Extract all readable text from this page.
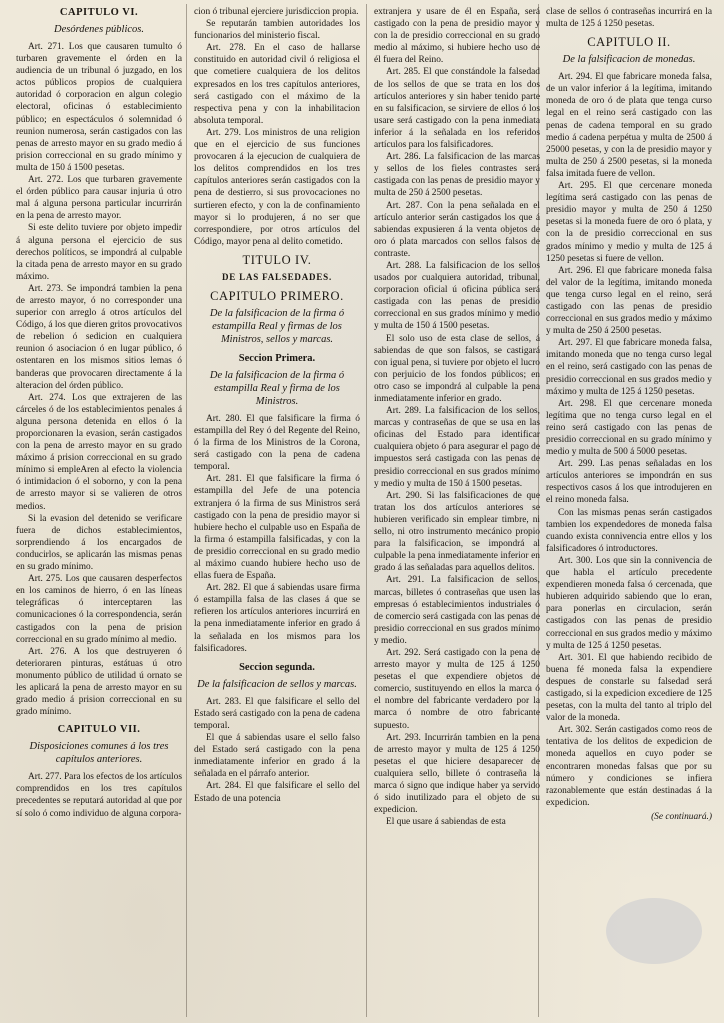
CAPITULO VI.
Desórdenes públicos.

Art. 271. Los que causaren tumulto ó turbaren gravemente el órden en la audiencia de un tribunal ó juzgado, en los actos públicos propios de cualquiera autoridad ó corporacion en algun colegio electoral, oficinas ó establecimiento público; en espectáculos ó solemnidad ó reunion numerosa, serán castigados con las penas de arresto mayor en su grado medio á prision correccional en su grado mínimo y multa de 150 á 1500 pesetas.

Art. 272. Los que turbaren gravemente el órden público para causar injuria ú otro mal á alguna persona particular incurrirán en la pena de arresto mayor.

Si este delito tuviere por objeto impedir á alguna persona el ejercicio de sus derechos políticos, se impondrá al culpable la citada pena de arresto mayor en su grado máximo.

Art. 273. Se impondrá tambien la pena de arresto mayor, ó no corresponder una superior con arreglo á otros artículos del Código, á los que dieren gritos provocativos de rebelion ó sedicion en cualquiera reunion ó asociacion ó en lugar público, ó ostentaren en los mismos sitios lemas ó banderas que provocaren directamente á la alteracion del órden público.

Art. 274. Los que extrajeren de las cárceles ó de los establecimientos penales á alguna persona detenida en ellos ó la proporcionaren la evasion, serán castigados con la pena de arresto mayor en su grado máximo á prision correccional en su grado mínimo si empleAren al efecto la violencia ó intimidacion ó el soborno, y con la pena de arresto mayor si se valieren de otros medios.

Si la evasion del detenido se verificare fuera de dichos establecimientos, sorprendiendo á los encargados de conducirlos, se aplicarán las mismas penas en su grado mínimo.

Art. 275. Los que causaren desperfectos en los caminos de hierro, ó en las líneas telegráficas ó interceptaren las comunicaciones ó la correspondencia, serán castigados con la pena de prision correccional en su grado mínimo al medio.

Art. 276. A los que destruyeren ó deterioraren pinturas, estátuas ú otro monumento público de utilidad ú ornato se les aplicará la pena de arresto mayor en su grado medio á prision correccional en su grado mínimo.

CAPITULO VII.
Disposiciones comunes á los tres capítulos anteriores.

Art. 277. Para los efectos de los artículos comprendidos en los tres capítulos precedentes se reputará autoridad al que por sí solo ó como individuo de alguna corpora-

cion ó tribunal ejerciere jurisdiccion propia.

Se reputarán tambien autoridades los funcionarios del ministerio fiscal.

Art. 278. En el caso de hallarse constituido en autoridad civil ó religiosa el que cometiere cualquiera de los delitos expresados en los tres capítulos anteriores, será castigado con el máximo de la respectiva pena y con la inhabilitacion absoluta temporal.

Art. 279. Los ministros de una religion que en el ejercicio de sus funciones provocaren á la ejecucion de cualquiera de los delitos comprendidos en los tres capítulos anteriores serán castigados con la pena de destierro, si sus provocaciones no surtieren efecto, y con la de confinamiento mayor si lo produjeren, á no ser que correspondiere, por otros artículos del Código, mayor pena al delito cometido.

TITULO IV.
DE LAS FALSEDADES.
CAPITULO PRIMERO.
De la falsificacion de la firma ó estampilla Real y firmas de los Ministros, sellos y marcas.
Seccion Primera.
De la falsificacion de la firma ó estampilla Real y firma de los Ministros.

Art. 280. El que falsificare la firma ó estampilla del Rey ó del Regente del Reino, ó la firma de los Ministros de la Corona, será castigado con la pena de cadena temporal.

Art. 281. El que falsificare la firma ó estampilla del Jefe de una potencia extranjera ó la firma de sus Ministros será castigado con la pena de presidio mayor si hubiere hecho el culpable uso en España de la firma ó estampilla falsificadas, y con la de presidio correccional en su grado medio al máximo cuando hubiere hecho uso de ellas fuera de España.

Art. 282. El que á sabiendas usare firma ó estampilla falsa de las clases á que se refieren los artículos anteriores incurrirá en la pena inmediatamente inferior en grado á la señalada en los mismos para los falsificadores.

Seccion segunda.
De la falsificacion de sellos y marcas.

Art. 283. El que falsificare el sello del Estado será castigado con la pena de cadena temporal.

El que á sabiendas usare el sello falso del Estado será castigado con la pena inmediatamente inferior en grado á la señalada en el párrafo anterior.

Art. 284. El que falsificare el sello del Estado de una potencia

extranjera y usare de él en España, será castigado con la pena de presidio mayor y con la de presidio correccional en su grado medio al máximo, si hubiere hecho uso de él fuera del Reino.

Art. 285. El que constándole la falsedad de los sellos de que se trata en los dos artículos anteriores y sin haber tenido parte en su falsificacion, se sirviere de ellos ó los usare será castigado con la pena inmediata inferior á la señalada en los referidos artículos para los falsificadores.

Art. 286. La falsificacion de las marcas y sellos de los fieles contrastes será castigada con las penas de presidio mayor y multa de 250 á 2500 pesetas.

Art. 287. Con la pena señalada en el artículo anterior serán castigados los que á sabiendas expusieren á la venta objetos de oro ó plata marcados con sellos falsos de contraste.

Art. 288. La falsificacion de los sellos usados por cualquiera autoridad, tribunal, corporacion oficial ú oficina pública será castigada con las penas de presidio correccional en sus grados mínimo y medio y multa de 150 á 1500 pesetas.

El solo uso de esta clase de sellos, á sabiendas de que son falsos, se castigará con igual pena, si tuviere por objeto el lucro con perjuicio de los fondos públicos; en otro caso se impondrá al culpable la pena inmediatamente inferior en grado.

Art. 289. La falsificacion de los sellos, marcas y contraseñas de que se usa en las oficinas del Estado para identificar cualquiera objeto ó para asegurar el pago de impuestos será castigada con las penas de presidio correccional en sus grados mínimo y medio y multa de 150 á 1500 pesetas.

Art. 290. Si las falsificaciones de que tratan los dos artículos anteriores se hubieren verificado sin emplear timbre, ni sello, ni otro instrumento mecánico propio para la falsificacion, se impondrá al culpable la pena inmediatamente inferior en grado á las señaladas para aquellos delitos.

Art. 291. La falsificacion de sellos, marcas, billetes ó contraseñas que usen las empresas ó establecimientos industriales ó de comercio será castigada con las penas de presidio correccional en sus grados mínimo y medio.

Art. 292. Será castigado con la pena de arresto mayor y multa de 125 á 1250 pesetas el que expendiere objetos de comercio, sustituyendo en ellos la marca ó el nombre del fabricante verdadero por la marca ó nombre de otro fabricante supuesto.

Art. 293. Incurrirán tambien en la pena de arresto mayor y multa de 125 á 1250 pesetas el que hiciere desaparecer de cualquiera sello, billete ó contraseña la marca ó signo que indique haber ya servido ó sido inutilizado para el objeto de su expedicion.

El que usare á sabiendas de esta

clase de sellos ó contraseñas incurrirá en la multa de 125 á 1250 pesetas.

CAPITULO II.
De la falsificacion de monedas.

Art. 294. El que fabricare moneda falsa, de un valor inferior á la legítima, imitando moneda de oro ó de plata que tenga curso legal en el reino será castigado con las penas de cadena temporal en su grado medio á cadena perpétua y multa de 2500 á 25000 pesetas, y con la de presidio mayor y multa de 250 á 2500 pesetas, si la moneda falsa imitada fuere de vellon.

Art. 295. El que cercenare moneda legítima será castigado con las penas de presidio mayor y multa de 250 á 1250 pesetas si la moneda fuere de oro ó plata, y con la de presidio correccional en sus grados mínimo y medio y multa de 125 á 1250 pesetas si fuere de vellon.

Art. 296. El que fabricare moneda falsa del valor de la legítima, imitando moneda que tenga curso legal en el reino, será castigado con las penas de presidio correccional en sus grados medio y máximo y multa de 250 á 2500 pesetas.

Art. 297. El que fabricare moneda falsa, imitando moneda que no tenga curso legal en el reino, será castigado con las penas de presidio correccional en sus grados medio y máximo y multa de 125 á 1250 pesetas.

Art. 298. El que cercenare moneda legítima que no tenga curso legal en el reino será castigado con las penas de presidio correccional en su grado mínimo y medio y multa de 500 á 5000 pesetas.

Art. 299. Las penas señaladas en los artículos anteriores se impondrán en sus respectivos casos á los que introdujeren en el reino moneda falsa.

Con las mismas penas serán castigados tambien los expendedores de moneda falsa cuando exista connivencia entre ellos y los falsificadores ó introductores.

Art. 300. Los que sin la connivencia de que habla el artículo precedente expendieren moneda falsa ó cercenada, que hubieren adquirido sabiendo que lo eran, para ponerlas en circulacion, serán castigados con las penas de presidio correccional en sus grados medio y máximo y multa de 125 á 1250 pesetas.

Art. 301. El que habiendo recibido de buena fé moneda falsa la expendiere despues de constarle su falsedad será castigado, si la expedicion excediere de 125 pesetas, con la multa del tanto al triplo del valor de la moneda.

Art. 302. Serán castigados como reos de tentativa de los delitos de expedicion de moneda aquellos en cuyo poder se encontraren monedas falsas que por su número y condiciones se infiera razonablemente que están destinadas á la expedicion.

(Se continuará.)
